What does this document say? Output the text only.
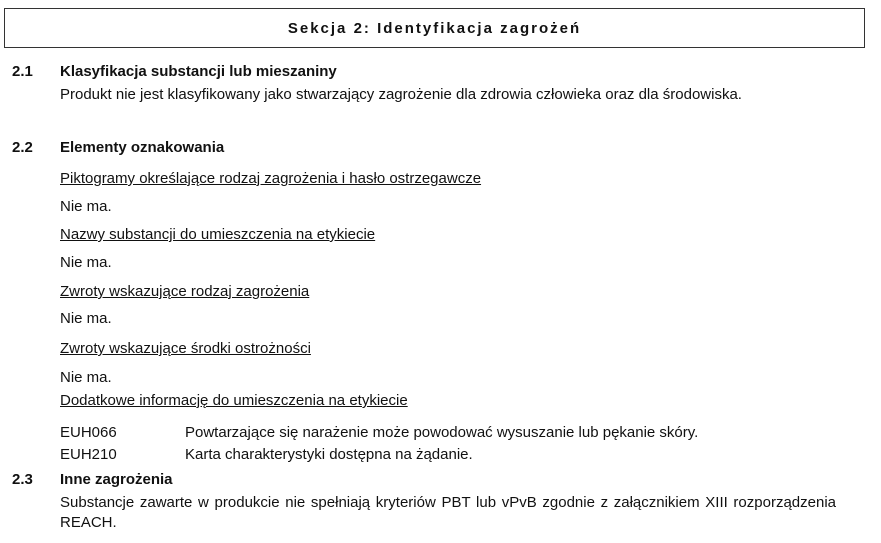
Sekcja 2: Identyfikacja zagrożeń
2.1 Klasyfikacja substancji lub mieszaniny

Produkt nie jest klasyfikowany jako stwarzający zagrożenie dla zdrowia człowieka oraz dla środowiska.

2.2 Elementy oznakowania
Piktogramy określające rodzaj zagrożenia i hasło ostrzegawcze
Nie ma.
Nazwy substancji do umieszczenia na etykiecie
Nie ma.
Zwroty wskazujące rodzaj zagrożenia
Nie ma.
Zwroty wskazujące środki ostrożności
Nie ma.
Dodatkowe informację do umieszczenia na etykiecie
EUH066	Powtarzające się narażenie może powodować wysuszanie lub pękanie skóry.
EUH210	Karta charakterystyki dostępna na żądanie.
2.3 Inne zagrożenia

Substancje zawarte w produkcie nie spełniają kryteriów PBT lub vPvB zgodnie z załącznikiem XIII rozporządzenia REACH.
